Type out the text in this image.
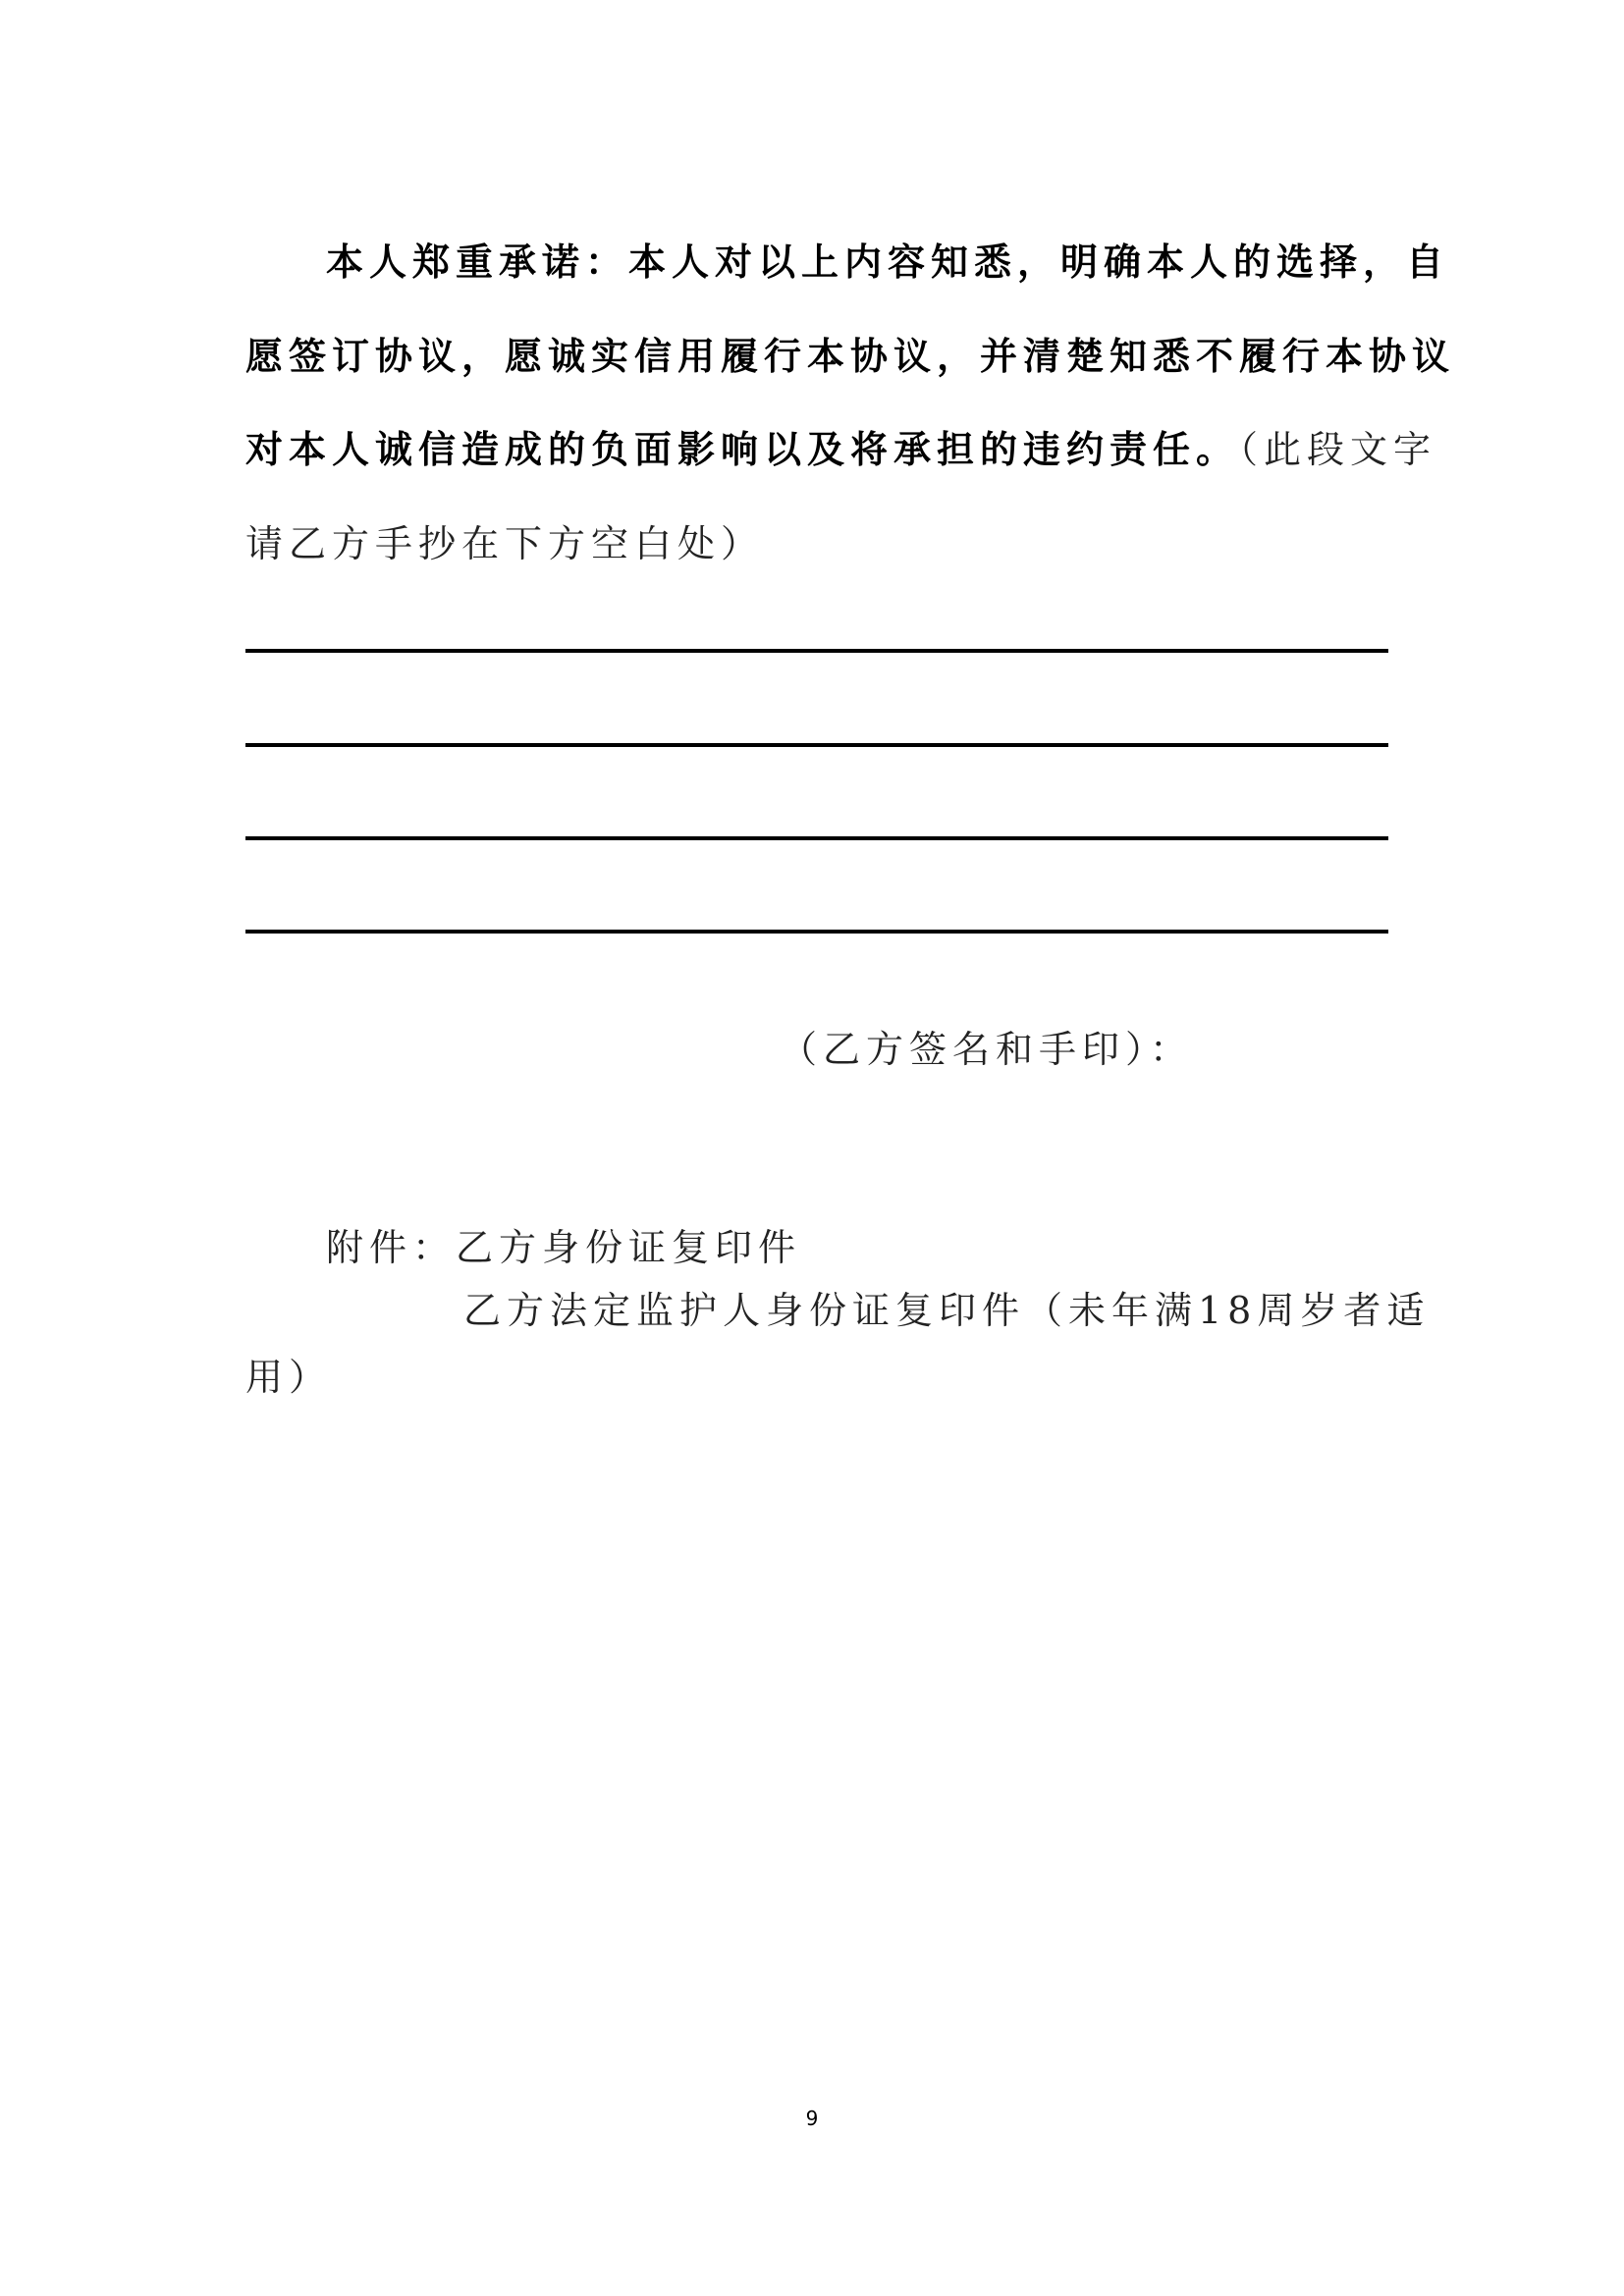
本人郑重承诺：本人对以上内容知悉，明确本人的选择，自
愿签订协议，愿诚实信用履行本协议，并清楚知悉不履行本协议
对本人诚信造成的负面影响以及将承担的违约责任。（此段文字
请乙方手抄在下方空白处）
（乙方签名和手印）：
附件：乙方身份证复印件
乙方法定监护人身份证复印件（未年满18周岁者适
用）
9
